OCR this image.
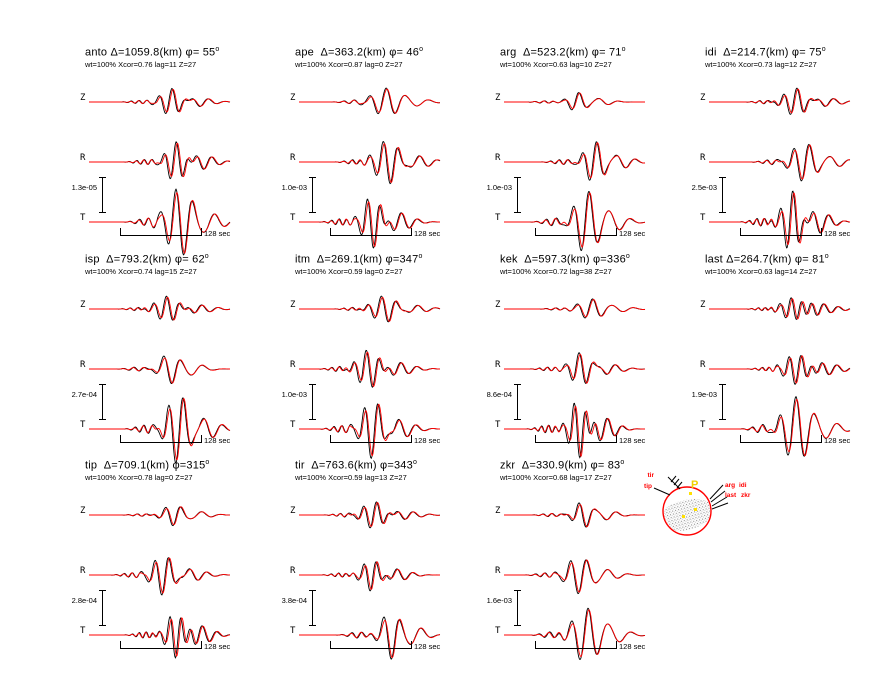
anto Δ=1059.8(km) $\varphi= 55^o$
wt=100% Xcor=0.76 lag=11 Z=27
Z
R
T
1.3e-05
128 sec
ape  Δ=363.2(km) $\varphi= 46^o$
wt=100% Xcor=0.87 lag=0 Z=27
Z
R
T
1.0e-03
128 sec
arg  Δ=523.2(km) $\varphi= 71^o$
wt=100% Xcor=0.63 lag=10 Z=27
Z
R
T
1.0e-03
128 sec
idi  Δ=214.7(km) $\varphi= 75^o$
wt=100% Xcor=0.73 lag=12 Z=27
Z
R
T
2.5e-03
128 sec
isp  Δ=793.2(km) $\varphi= 62^o$
wt=100% Xcor=0.74 lag=15 Z=27
Z
R
T
2.7e-04
128 sec
itm  Δ=269.1(km) $\varphi=347^o$
wt=100% Xcor=0.59 lag=0 Z=27
Z
R
T
1.0e-03
128 sec
kek  Δ=597.3(km) $\varphi=336^o$
wt=100% Xcor=0.72 lag=38 Z=27
Z
R
T
8.6e-04
128 sec
last Δ=264.7(km) $\varphi= 81^o$
wt=100% Xcor=0.63 lag=14 Z=27
Z
R
T
1.9e-03
128 sec
tip  Δ=709.1(km) $\varphi=315^o$
wt=100% Xcor=0.78 lag=0 Z=27
Z
R
T
2.8e-04
128 sec
tir  Δ=763.6(km) $\varphi=343^o$
wt=100% Xcor=0.59 lag=13 Z=27
Z
R
T
3.8e-04
128 sec
zkr  Δ=330.9(km) $\varphi= 83^o$
wt=100% Xcor=0.68 lag=17 Z=27
Z
R
T
1.6e-03
128 sec
tir
tip	arg idi
last zkr
P
